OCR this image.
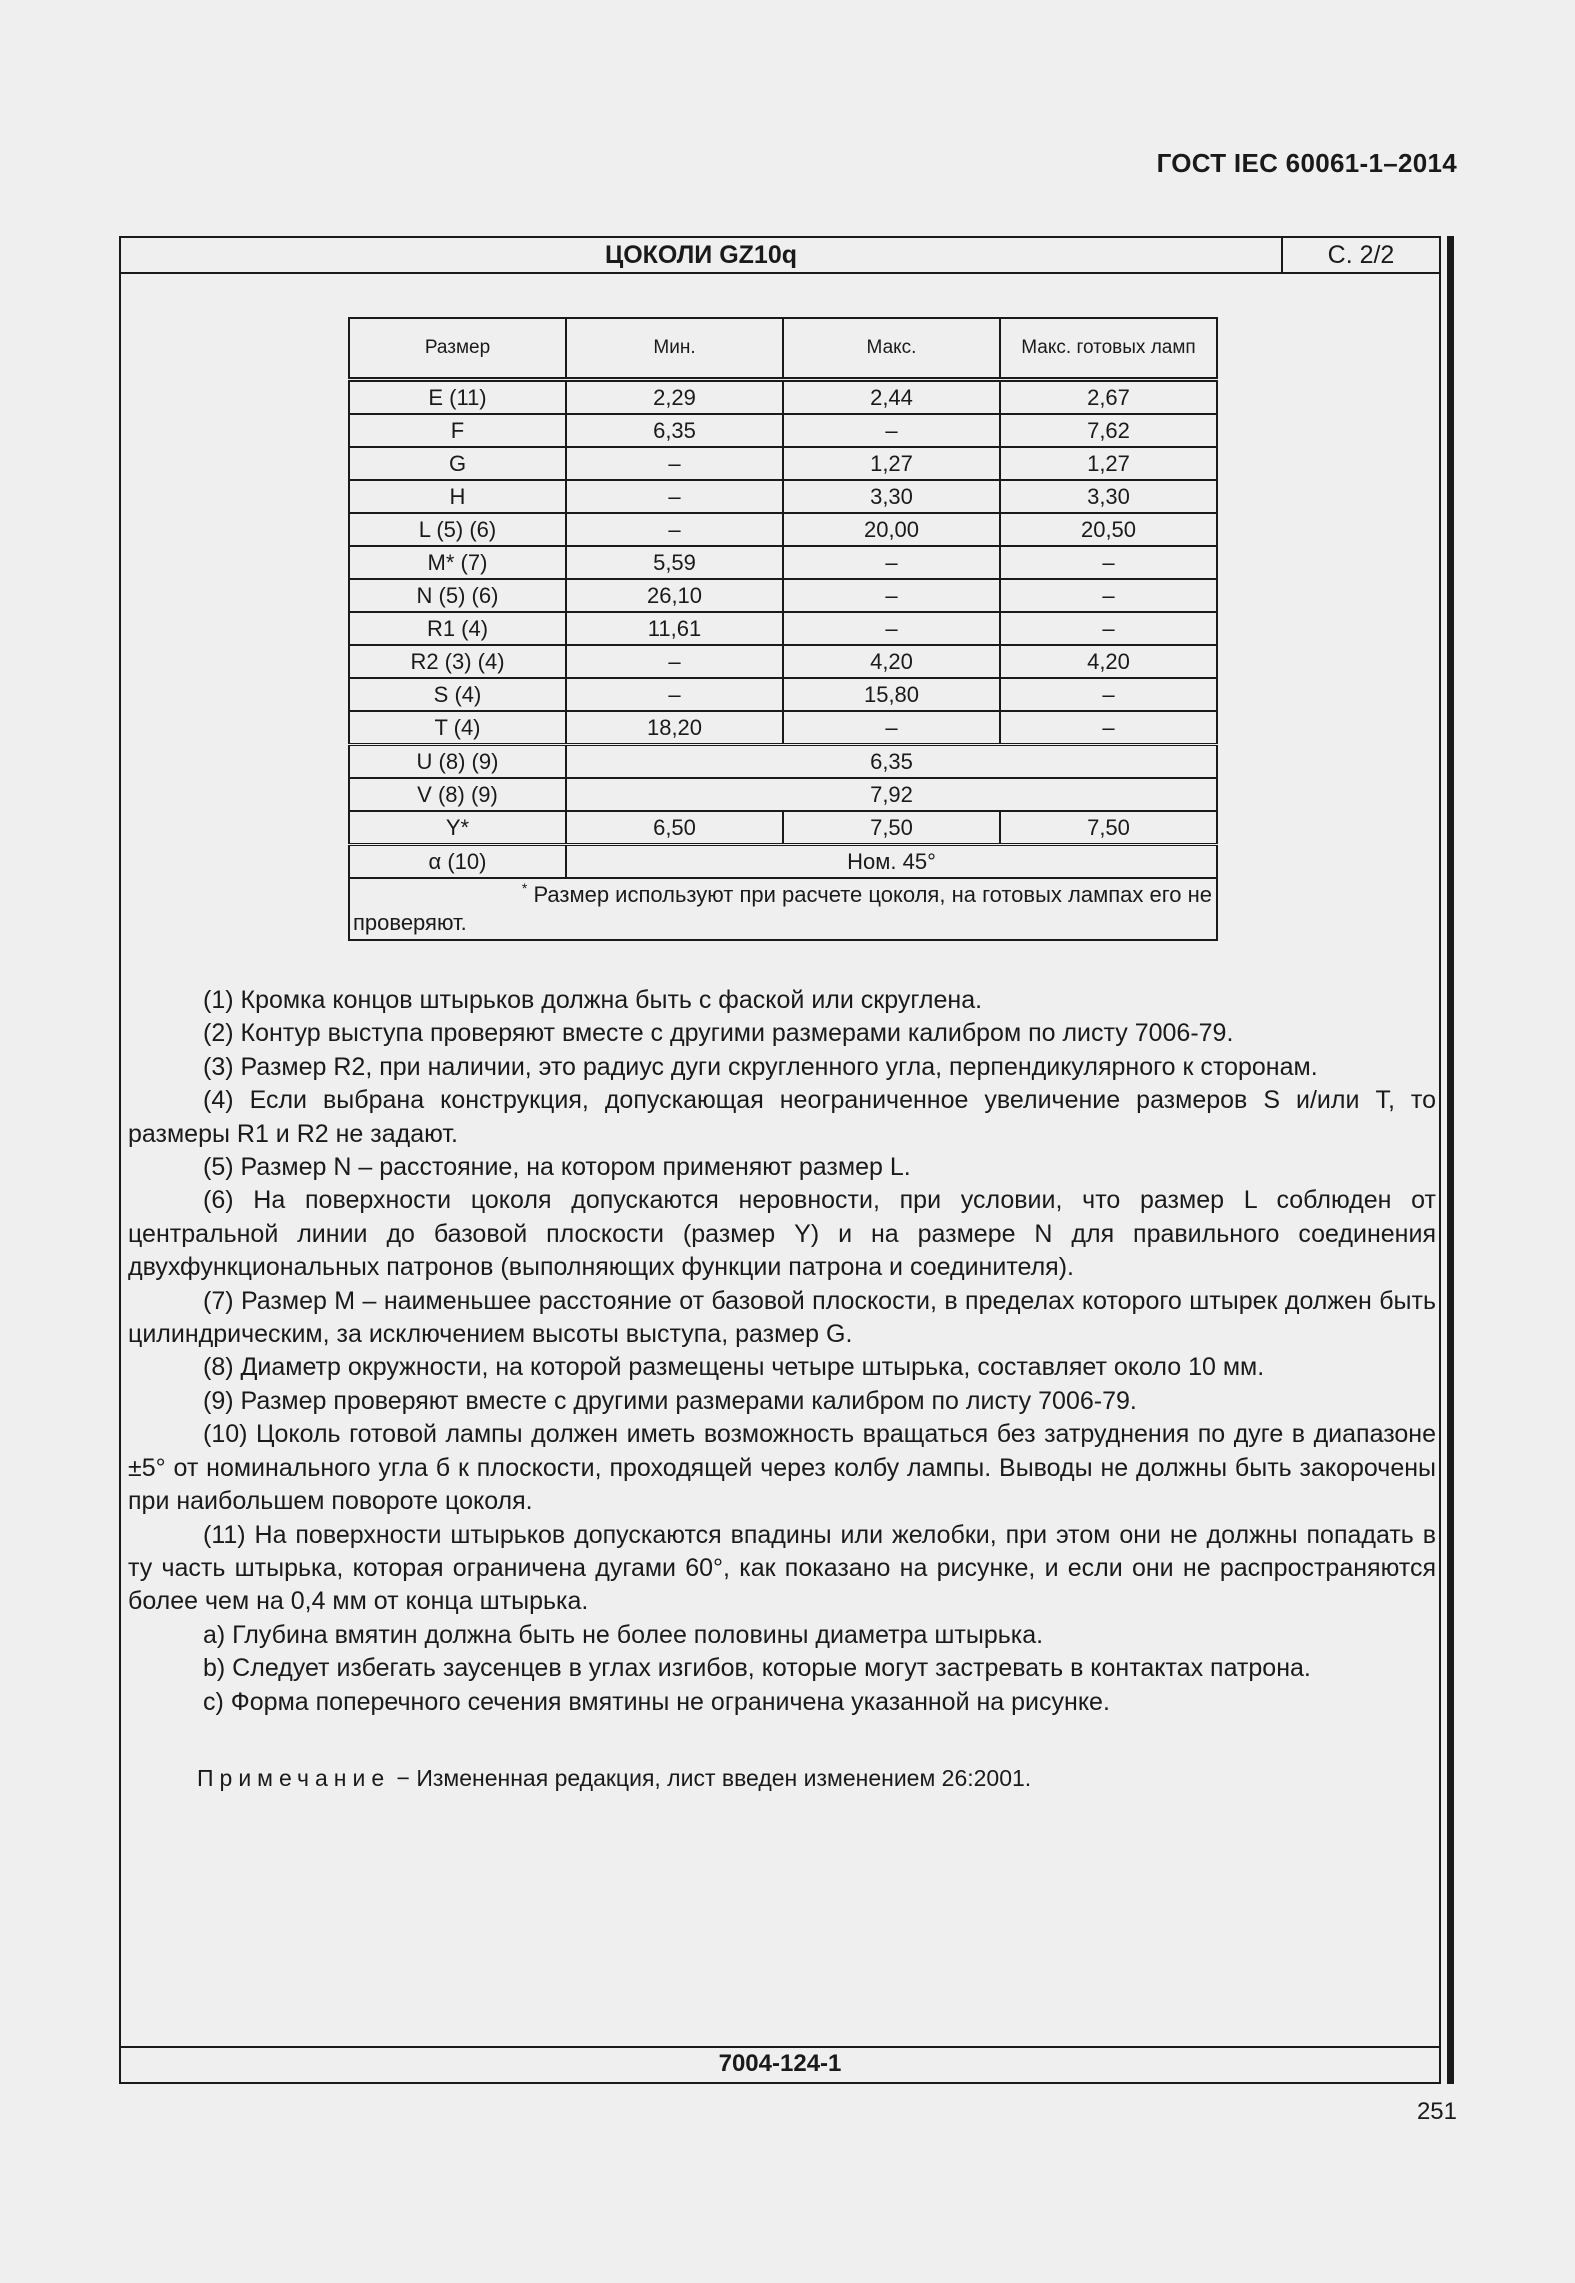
ГОСТ IEC 60061-1–2014
ЦОКОЛИ GZ10q	С. 2/2
Размер	Мин.	Макс.	Макс. готовых ламп
E (11)	2,29	2,44	2,67
F	6,35	–	7,62
G	–	1,27	1,27
H	–	3,30	3,30
L (5) (6)	–	20,00	20,50
M* (7)	5,59	–	–
N (5) (6)	26,10	–	–
R1 (4)	11,61	–	–
R2 (3) (4)	–	4,20	4,20
S (4)	–	15,80	–
T (4)	18,20	–	–
U (8) (9)	6,35		
V (8) (9)	7,92		
Y*	6,50	7,50	7,50
α (10)	Ном. 45°		

* Размер используют при расчете цоколя, на готовых лампах его не
проверяют.			

(1) Кромка концов штырьков должна быть с фаской или скруглена.

(2) Контур выступа проверяют вместе с другими размерами калибром по листу 7006-79.

(3) Размер R2, при наличии, это радиус дуги скругленного угла, перпендикулярного к сторонам.

(4) Если выбрана конструкция, допускающая неограниченное увеличение размеров S и/или T, то размеры R1 и R2 не задают.

(5) Размер N – расстояние, на котором применяют размер L.

(6) На поверхности цоколя допускаются неровности, при условии, что размер L соблюден от центральной линии до базовой плоскости (размер Y) и на размере N для правильного соединения двухфункциональных патронов (выполняющих функции патрона и соединителя).

(7) Размер M – наименьшее расстояние от базовой плоскости, в пределах которого штырек должен быть цилиндрическим, за исключением высоты выступа, размер G.

(8) Диаметр окружности, на которой размещены четыре штырька, составляет около 10 мм.

(9) Размер проверяют вместе с другими размерами калибром по листу 7006-79.

(10) Цоколь готовой лампы должен иметь возможность вращаться без затруднения по дуге в диапазоне ±5° от номинального угла б к плоскости, проходящей через колбу лампы. Выводы не должны быть закорочены при наибольшем повороте цоколя.

(11) На поверхности штырьков допускаются впадины или желобки, при этом они не должны попадать в ту часть штырька, которая ограничена дугами 60°, как показано на рисунке, и если они не распространяются более чем на 0,4 мм от конца штырька.

a) Глубина вмятин должна быть не более половины диаметра штырька.

b) Следует избегать заусенцев в углах изгибов, которые могут застревать в контактах патрона.

c) Форма поперечного сечения вмятины не ограничена указанной на рисунке.

Примечание − Измененная редакция, лист введен изменением 26:2001.
7004-124-1
251
